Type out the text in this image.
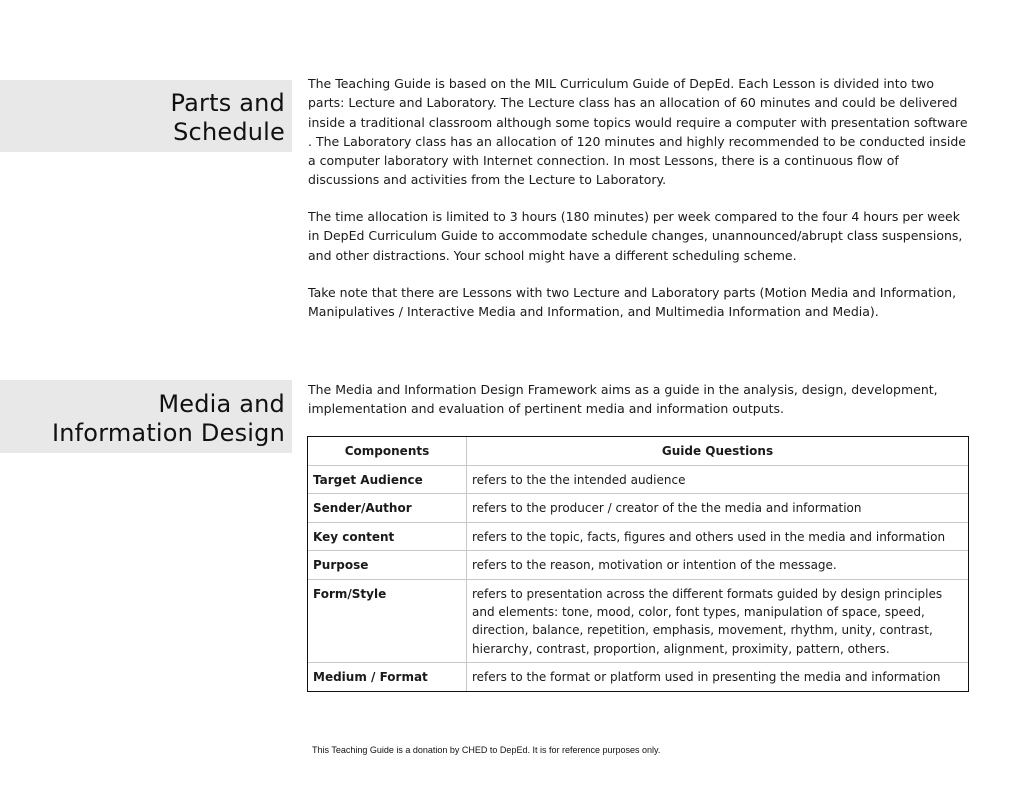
Parts and
Schedule

The Teaching Guide is based on the MIL Curriculum Guide of DepEd. Each Lesson is divided into two parts: Lecture and Laboratory. The Lecture class has an allocation of 60 minutes and could be delivered inside a traditional classroom although some topics would require a computer with presentation software . The Laboratory class has an allocation of 120 minutes and highly recommended to be conducted inside a computer laboratory with Internet connection. In most Lessons, there is a continuous flow of discussions and activities from the Lecture to Laboratory.

The time allocation is limited to 3 hours (180 minutes) per week compared to the four 4 hours per week in DepEd Curriculum Guide to accommodate schedule changes, unannounced/abrupt class suspensions, and other distractions. Your school might have a different scheduling scheme.

Take note that there are Lessons with two Lecture and Laboratory parts (Motion Media and Information, Manipulatives / Interactive Media and Information, and Multimedia Information and Media).

Media and
Information Design

The Media and Information Design Framework aims as a guide in the analysis, design, development, implementation and evaluation of pertinent media and information outputs.

Components	Guide Questions
Target Audience	refers to the the intended audience
Sender/Author	refers to the producer / creator of the the media and information
Key content	refers to the topic, facts, figures and others used in the media and information
Purpose	refers to the reason, motivation or intention of the message.
Form/Style	refers to presentation across the different formats guided by design principles and elements: tone, mood, color, font types, manipulation of space, speed, direction, balance, repetition, emphasis, movement, rhythm, unity, contrast, hierarchy, contrast, proportion, alignment, proximity, pattern, others.
Medium / Format	refers to the format or platform used in presenting the media and information
This Teaching Guide is a donation by CHED to DepEd. It is for reference purposes only.
